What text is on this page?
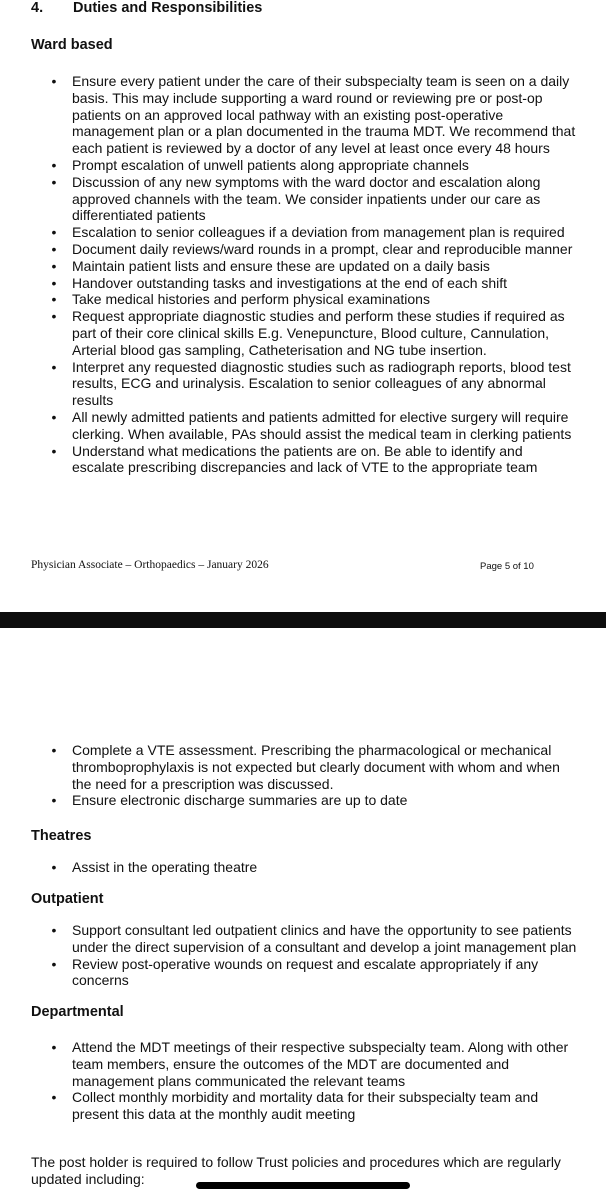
4. Duties and Responsibilities
Ward based
• Ensure every patient under the care of their subspecialty team is seen on a daily basis. This may include supporting a ward round or reviewing pre or post-op patients on an approved local pathway with an existing post-operative management plan or a plan documented in the trauma MDT. We recommend that each patient is reviewed by a doctor of any level at least once every 48 hours
• Prompt escalation of unwell patients along appropriate channels
• Discussion of any new symptoms with the ward doctor and escalation along approved channels with the team. We consider inpatients under our care as differentiated patients
• Escalation to senior colleagues if a deviation from management plan is required
• Document daily reviews/ward rounds in a prompt, clear and reproducible manner
• Maintain patient lists and ensure these are updated on a daily basis
• Handover outstanding tasks and investigations at the end of each shift
• Take medical histories and perform physical examinations
• Request appropriate diagnostic studies and perform these studies if required as part of their core clinical skills E.g. Venepuncture, Blood culture, Cannulation, Arterial blood gas sampling, Catheterisation and NG tube insertion.
• Interpret any requested diagnostic studies such as radiograph reports, blood test results, ECG and urinalysis. Escalation to senior colleagues of any abnormal results
• All newly admitted patients and patients admitted for elective surgery will require clerking. When available, PAs should assist the medical team in clerking patients
• Understand what medications the patients are on. Be able to identify and escalate prescribing discrepancies and lack of VTE to the appropriate team
Physician Associate – Orthopaedics – January 2026	Page 5 of 10
• Complete a VTE assessment. Prescribing the pharmacological or mechanical thromboprophylaxis is not expected but clearly document with whom and when the need for a prescription was discussed.
• Ensure electronic discharge summaries are up to date
Theatres
• Assist in the operating theatre
Outpatient
• Support consultant led outpatient clinics and have the opportunity to see patients under the direct supervision of a consultant and develop a joint management plan
• Review post-operative wounds on request and escalate appropriately if any concerns
Departmental
• Attend the MDT meetings of their respective subspecialty team. Along with other team members, ensure the outcomes of the MDT are documented and management plans communicated the relevant teams
• Collect monthly morbidity and mortality data for their subspecialty team and present this data at the monthly audit meeting

The post holder is required to follow Trust policies and procedures which are regularly updated including:
